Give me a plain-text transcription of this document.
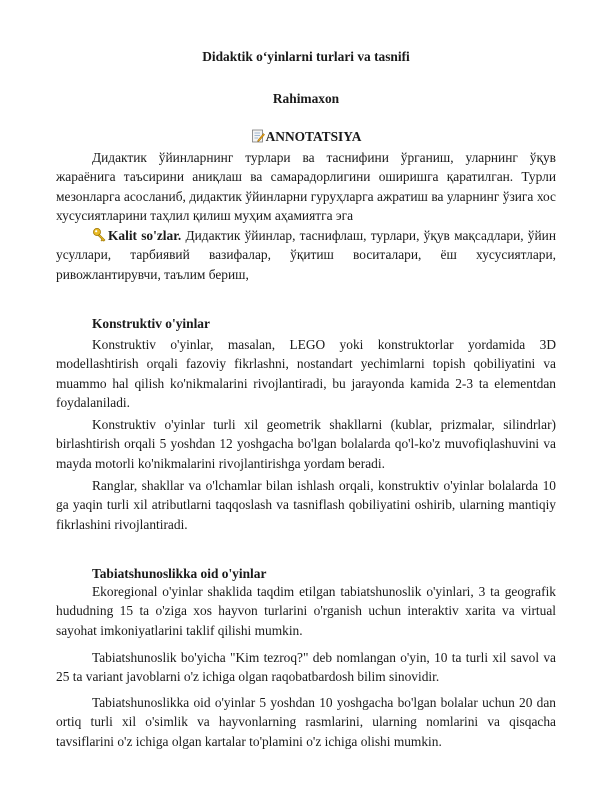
Didaktik o‘yinlarni turlari va tasnifi
Rahimaxon
ANNOTATSIYA

Дидактик ўйинларнинг турлари ва таснифини ўрганиш, уларнинг ўқув жараёнига таъсирини аниқлаш ва самарадорлигини оширишга қаратилган. Турли мезонларга асосланиб, дидактик ўйинларни гуруҳларга ажратиш ва уларнинг ўзига хос хусусиятларини таҳлил қилиш муҳим аҳамиятга эга

Kalit so'zlar. Дидактик ўйинлар, таснифлаш, турлари, ўқув мақсадлари, ўйин усуллари, тарбиявий вазифалар, ўқитиш воситалари, ёш хусусиятлари, ривожлантирувчи, таълим бериш,

Konstruktiv o'yinlar

Konstruktiv o'yinlar, masalan, LEGO yoki konstruktorlar yordamida 3D modellashtirish orqali fazoviy fikrlashni, nostandart yechimlarni topish qobiliyatini va muammo hal qilish ko'nikmalarini rivojlantiradi, bu jarayonda kamida 2-3 ta elementdan foydalaniladi.

Konstruktiv o'yinlar turli xil geometrik shakllarni (kublar, prizmalar, silindrlar) birlashtirish orqali 5 yoshdan 12 yoshgacha bo'lgan bolalarda qo'l-ko'z muvofiqlashuvini va mayda motorli ko'nikmalarini rivojlantirishga yordam beradi.

Ranglar, shakllar va o'lchamlar bilan ishlash orqali, konstruktiv o'yinlar bolalarda 10 ga yaqin turli xil atributlarni taqqoslash va tasniflash qobiliyatini oshirib, ularning mantiqiy fikrlashini rivojlantiradi.

Tabiatshunoslikka oid o'yinlar

Ekoregional o'yinlar shaklida taqdim etilgan tabiatshunoslik o'yinlari, 3 ta geografik hududning 15 ta o'ziga xos hayvon turlarini o'rganish uchun interaktiv xarita va virtual sayohat imkoniyatlarini taklif qilishi mumkin.

Tabiatshunoslik bo'yicha "Kim tezroq?" deb nomlangan o'yin, 10 ta turli xil savol va 25 ta variant javoblarni o'z ichiga olgan raqobatbardosh bilim sinovidir.

Tabiatshunoslikka oid o'yinlar 5 yoshdan 10 yoshgacha bo'lgan bolalar uchun 20 dan ortiq turli xil o'simlik va hayvonlarning rasmlarini, ularning nomlarini va qisqacha tavsiflarini o'z ichiga olgan kartalar to'plamini o'z ichiga olishi mumkin.
